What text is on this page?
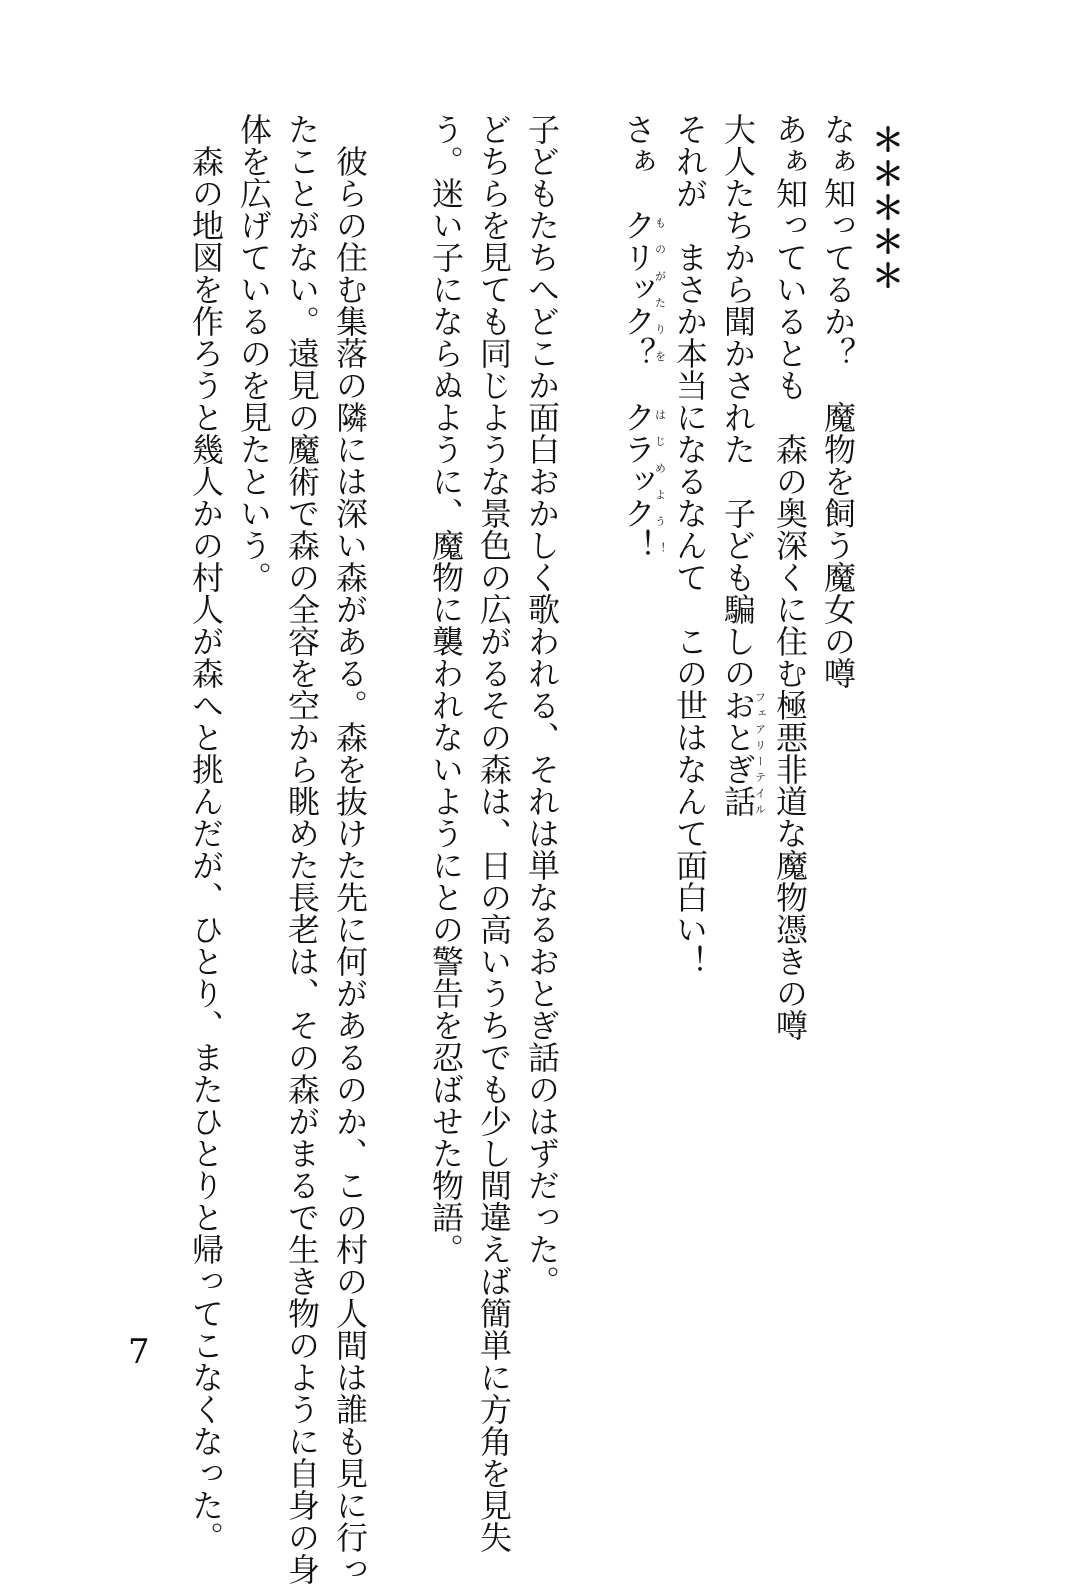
＊＊＊＊＊
なぁ知ってるか？魔物を飼う魔女の噂
あぁ知っているとも森の奥深くに住む極悪非道な魔物憑きの噂
大人たちから聞かされた子ども騙しのおとぎ話フェアリーテイル
それがまさか本当になるなんてこの世はなんて面白い！
さぁクリック？ものがたりをクラック！はじめよう！

子どもたちへどこか面白おかしく歌われる、それは単なるおとぎ話のはずだった。
どちらを見ても同じような景色の広がるその森は、日の高いうちでも少し間違えば簡単に方角を見失
う。迷い子にならぬように、魔物に襲われないようにとの警告を忍ばせた物語。

彼らの住む集落の隣には深い森がある。森を抜けた先に何があるのか、この村の人間は誰も見に行っ
たことがない。遠見の魔術で森の全容を空から眺めた長老は、その森がまるで生き物のように自身の身
体を広げているのを見たという。
森の地図を作ろうと幾人かの村人が森へと挑んだが、ひとり、またひとりと帰ってこなくなった。
7
